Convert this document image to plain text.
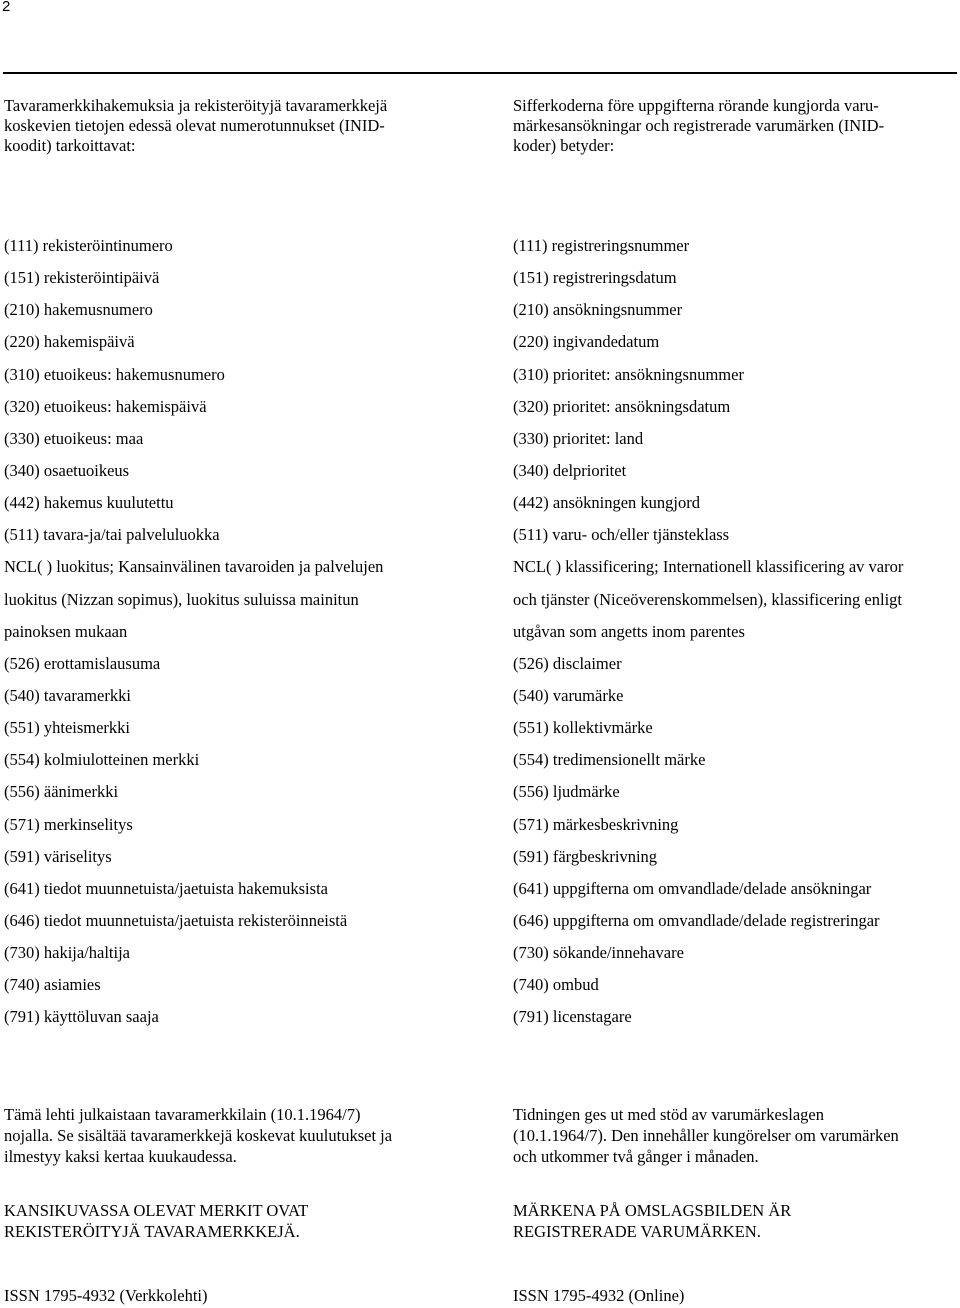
2
Tavaramerkkihakemuksia ja rekisteröityjä tavaramerkkejä
koskevien tietojen edessä olevat numerotunnukset (INID-
koodit) tarkoittavat:
Sifferkoderna före uppgifterna rörande kungjorda varu-
märkesansökningar och registrerade varumärken (INID-
koder) betyder:
(111) rekisteröintinumero
(151) rekisteröintipäivä
(210) hakemusnumero
(220) hakemispäivä
(310) etuoikeus: hakemusnumero
(320) etuoikeus: hakemispäivä
(330) etuoikeus: maa
(340) osaetuoikeus
(442) hakemus kuulutettu
(511) tavara-ja/tai palveluluokka
NCL( ) luokitus; Kansainvälinen tavaroiden ja palvelujen
luokitus (Nizzan sopimus), luokitus suluissa mainitun
painoksen mukaan
(526) erottamislausuma
(540) tavaramerkki
(551) yhteismerkki
(554) kolmiulotteinen merkki
(556) äänimerkki
(571) merkinselitys
(591) väriselitys
(641) tiedot muunnetuista/jaetuista hakemuksista
(646) tiedot muunnetuista/jaetuista rekisteröinneistä
(730) hakija/haltija
(740) asiamies
(791) käyttöluvan saaja
(111) registreringsnummer
(151) registreringsdatum
(210) ansökningsnummer
(220) ingivandedatum
(310) prioritet: ansökningsnummer
(320) prioritet: ansökningsdatum
(330) prioritet: land
(340) delprioritet
(442) ansökningen kungjord
(511) varu- och/eller tjänsteklass
NCL( ) klassificering; Internationell klassificering av varor
och tjänster (Niceöverenskommelsen), klassificering enligt
utgåvan som angetts inom parentes
(526) disclaimer
(540) varumärke
(551) kollektivmärke
(554) tredimensionellt märke
(556) ljudmärke
(571) märkesbeskrivning
(591) färgbeskrivning
(641) uppgifterna om omvandlade/delade ansökningar
(646) uppgifterna om omvandlade/delade registreringar
(730) sökande/innehavare
(740) ombud
(791) licenstagare
Tämä lehti julkaistaan tavaramerkkilain (10.1.1964/7)
nojalla. Se sisältää tavaramerkkejä koskevat kuulutukset ja
ilmestyy kaksi kertaa kuukaudessa.
Tidningen ges ut med stöd av varumärkeslagen
(10.1.1964/7). Den innehåller kungörelser om varumärken
och utkommer två gånger i månaden.
KANSIKUVASSA OLEVAT MERKIT OVAT
REKISTERÖITYJÄ TAVARAMERKKEJÄ.
MÄRKENA PÅ OMSLAGSBILDEN ÄR
REGISTRERADE VARUMÄRKEN.
ISSN 1795-4932 (Verkkolehti)	ISSN 1795-4932 (Online)
